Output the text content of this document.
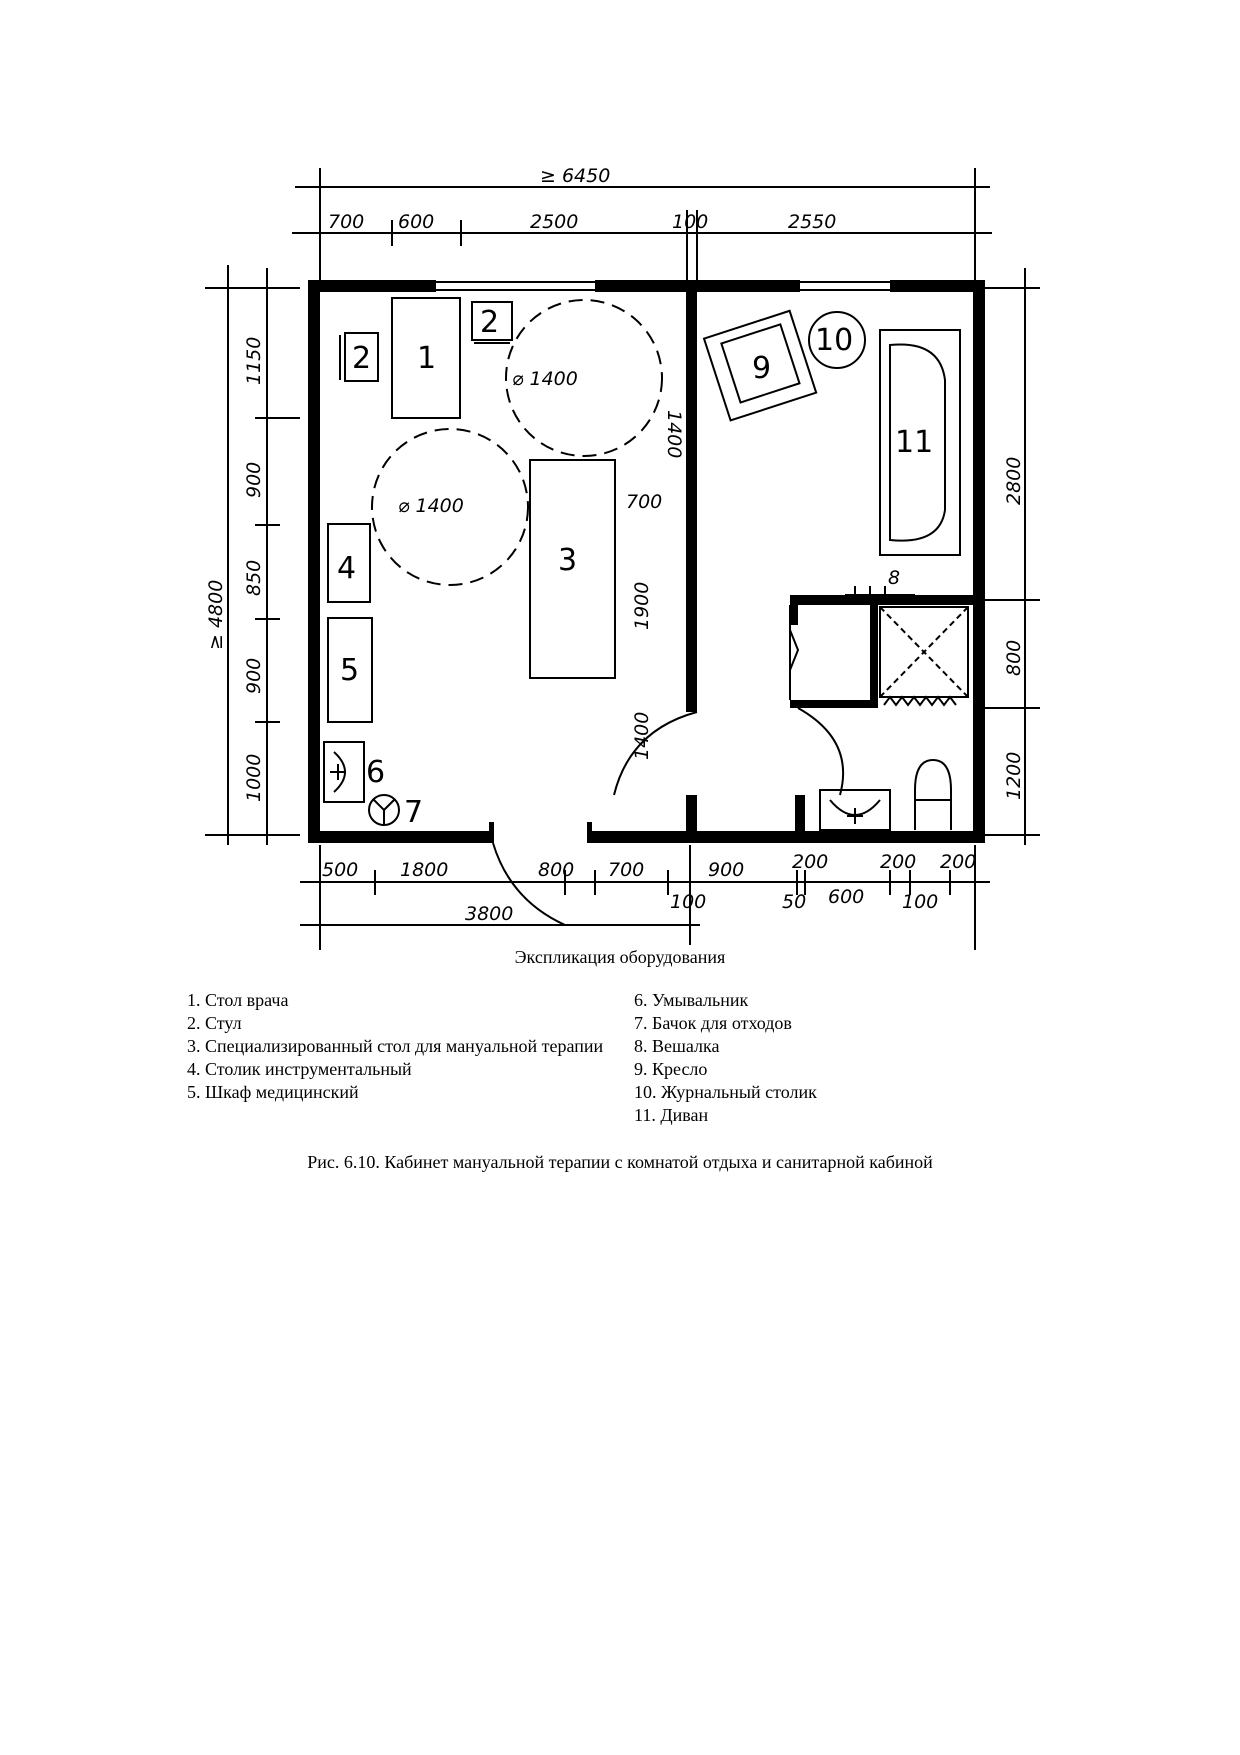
≥ 6450
700 600	2500	100	2550
≥ 4800
1150
900
850
900
1000
2800
800
1200
500 1800	800 700	900	200	200 200
3800
100	50 600 100
1400
700
1900
1400
⌀ 1400
⌀ 1400
1
2
2
3
4
5
6
7
8
9
10
11
Экспликация оборудования
1. Стол врача
2. Стул
3. Специализированный стол для мануальной терапии
4. Столик инструментальный
5. Шкаф медицинский
6. Умывальник
7. Бачок для отходов
8. Вешалка
9. Кресло
10. Журнальный столик
11. Диван
Рис. 6.10. Кабинет мануальной терапии с комнатой отдыха и санитарной кабиной
